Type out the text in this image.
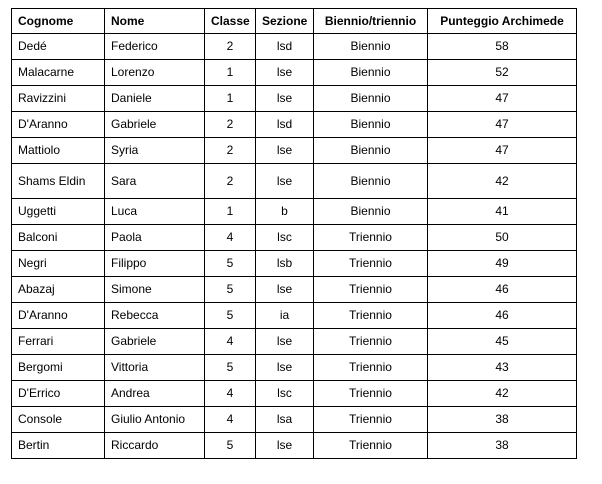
Cognome	Nome	Classe	Sezione	Biennio/triennio	Punteggio Archimede
Dedé	Federico	2	lsd	Biennio	58
Malacarne	Lorenzo	1	lse	Biennio	52
Ravizzini	Daniele	1	lse	Biennio	47
D'Aranno	Gabriele	2	lsd	Biennio	47
Mattiolo	Syria	2	lse	Biennio	47
Shams Eldin	Sara	2	lse	Biennio	42
Uggetti	Luca	1	b	Biennio	41
Balconi	Paola	4	lsc	Triennio	50
Negri	Filippo	5	lsb	Triennio	49
Abazaj	Simone	5	lse	Triennio	46
D'Aranno	Rebecca	5	ia	Triennio	46
Ferrari	Gabriele	4	lse	Triennio	45
Bergomi	Vittoria	5	lse	Triennio	43
D'Errico	Andrea	4	lsc	Triennio	42
Console	Giulio Antonio	4	lsa	Triennio	38
Bertin	Riccardo	5	lse	Triennio	38
